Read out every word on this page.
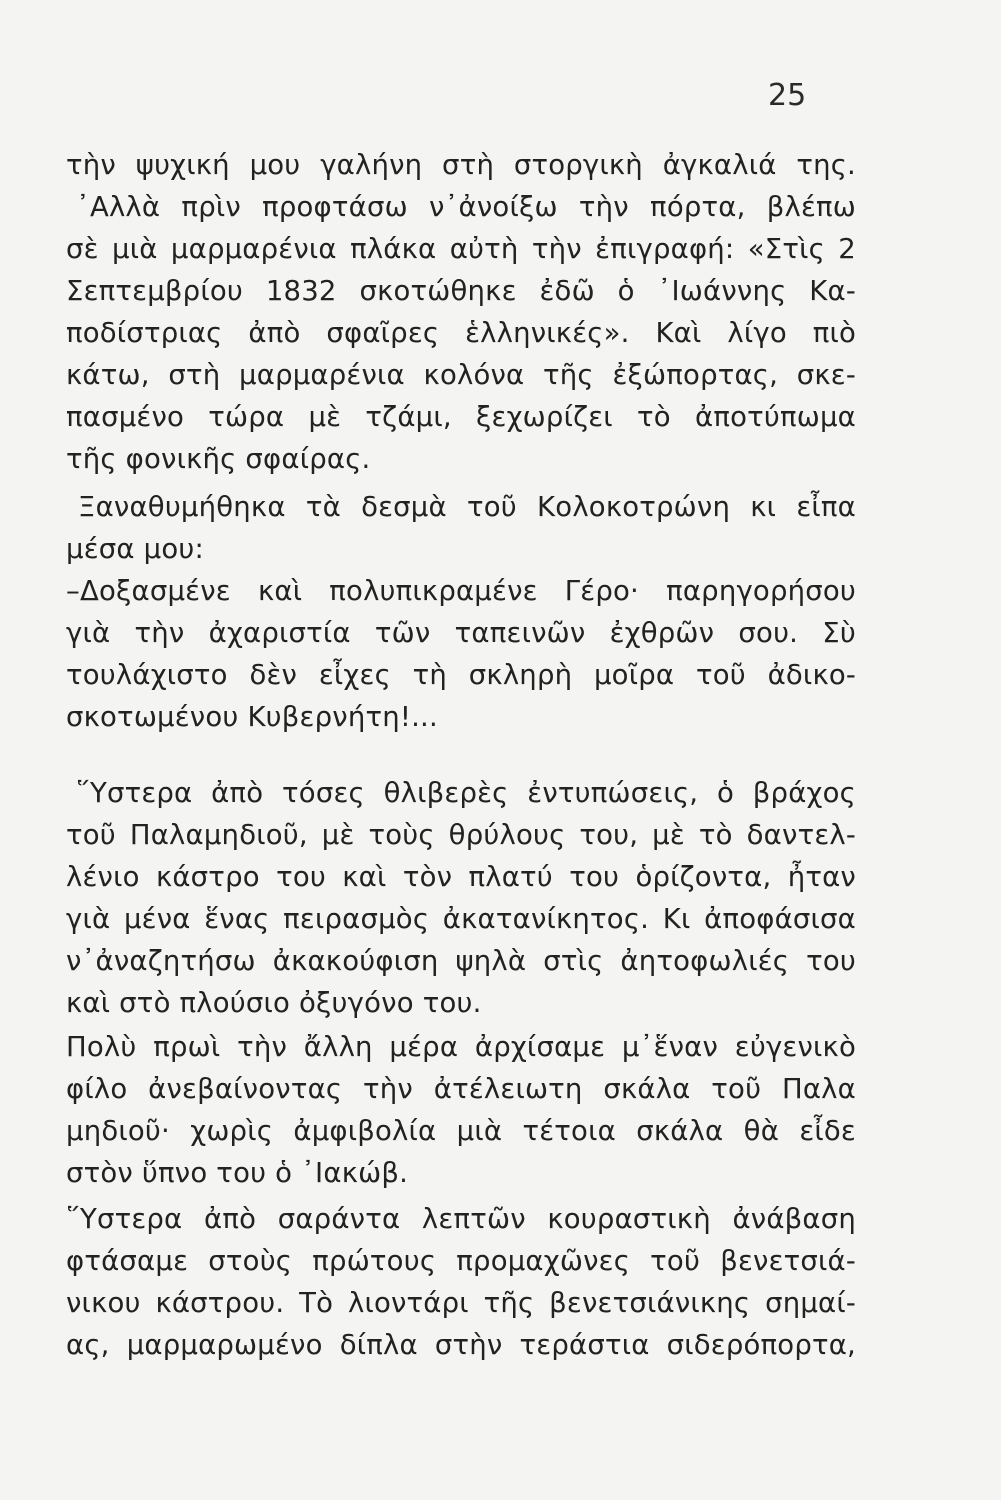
25
τὴν ψυχική μου γαλήνη στὴ στοργικὴ ἀγκαλιά της.
᾿Αλλὰ πρὶν προφτάσω ν᾿ἀνοίξω τὴν πόρτα, βλέπω
σὲ μιὰ μαρμαρένια πλάκα αὐτὴ τὴν ἐπιγραφή: «Στὶς 2
Σεπτεμβρίου 1832 σκοτώθηκε ἐδῶ ὁ ᾿Ιωάννης Κα-
ποδίστριας ἀπὸ σφαῖρες ἑλληνικές». Καὶ λίγο πιὸ
κάτω, στὴ μαρμαρένια κολόνα τῆς ἐξώπορτας, σκε-
πασμένο τώρα μὲ τζάμι, ξεχωρίζει τὸ ἀποτύπωμα
τῆς φονικῆς σφαίρας.
Ξαναθυμήθηκα τὰ δεσμὰ τοῦ Κολοκοτρώνη κι εἶπα
μέσα μου:
–Δοξασμένε καὶ πολυπικραμένε Γέρο· παρηγορήσου
γιὰ τὴν ἀχαριστία τῶν ταπεινῶν ἐχθρῶν σου. Σὺ
τουλάχιστο δὲν εἶχες τὴ σκληρὴ μοῖρα τοῦ ἀδικο-
σκοτωμένου Κυβερνήτη!...
῞Υστερα ἀπὸ τόσες θλιβερὲς ἐντυπώσεις, ὁ βράχος
τοῦ Παλαμηδιοῦ, μὲ τοὺς θρύλους του, μὲ τὸ δαντελ-
λένιο κάστρο του καὶ τὸν πλατύ του ὁρίζοντα, ἦταν
γιὰ μένα ἕνας πειρασμὸς ἀκατανίκητος. Κι ἀποφάσισα
ν᾿ἀναζητήσω ἀκακούφιση ψηλὰ στὶς ἀητοφωλιές του
καὶ στὸ πλούσιο ὀξυγόνο του.
Πολὺ πρωὶ τὴν ἄλλη μέρα ἀρχίσαμε μ᾿ἕναν εὐγενικὸ
φίλο ἀνεβαίνοντας τὴν ἀτέλειωτη σκάλα τοῦ Παλα
μηδιοῦ· χωρὶς ἀμφιβολία μιὰ τέτοια σκάλα θὰ εἶδε
στὸν ὕπνο του ὁ ᾿Ιακώβ.
῞Υστερα ἀπὸ σαράντα λεπτῶν κουραστικὴ ἀνάβαση
φτάσαμε στοὺς πρώτους προμαχῶνες τοῦ βενετσιά-
νικου κάστρου. Τὸ λιοντάρι τῆς βενετσιάνικης σημαί-
ας, μαρμαρωμένο δίπλα στὴν τεράστια σιδερόπορτα,
